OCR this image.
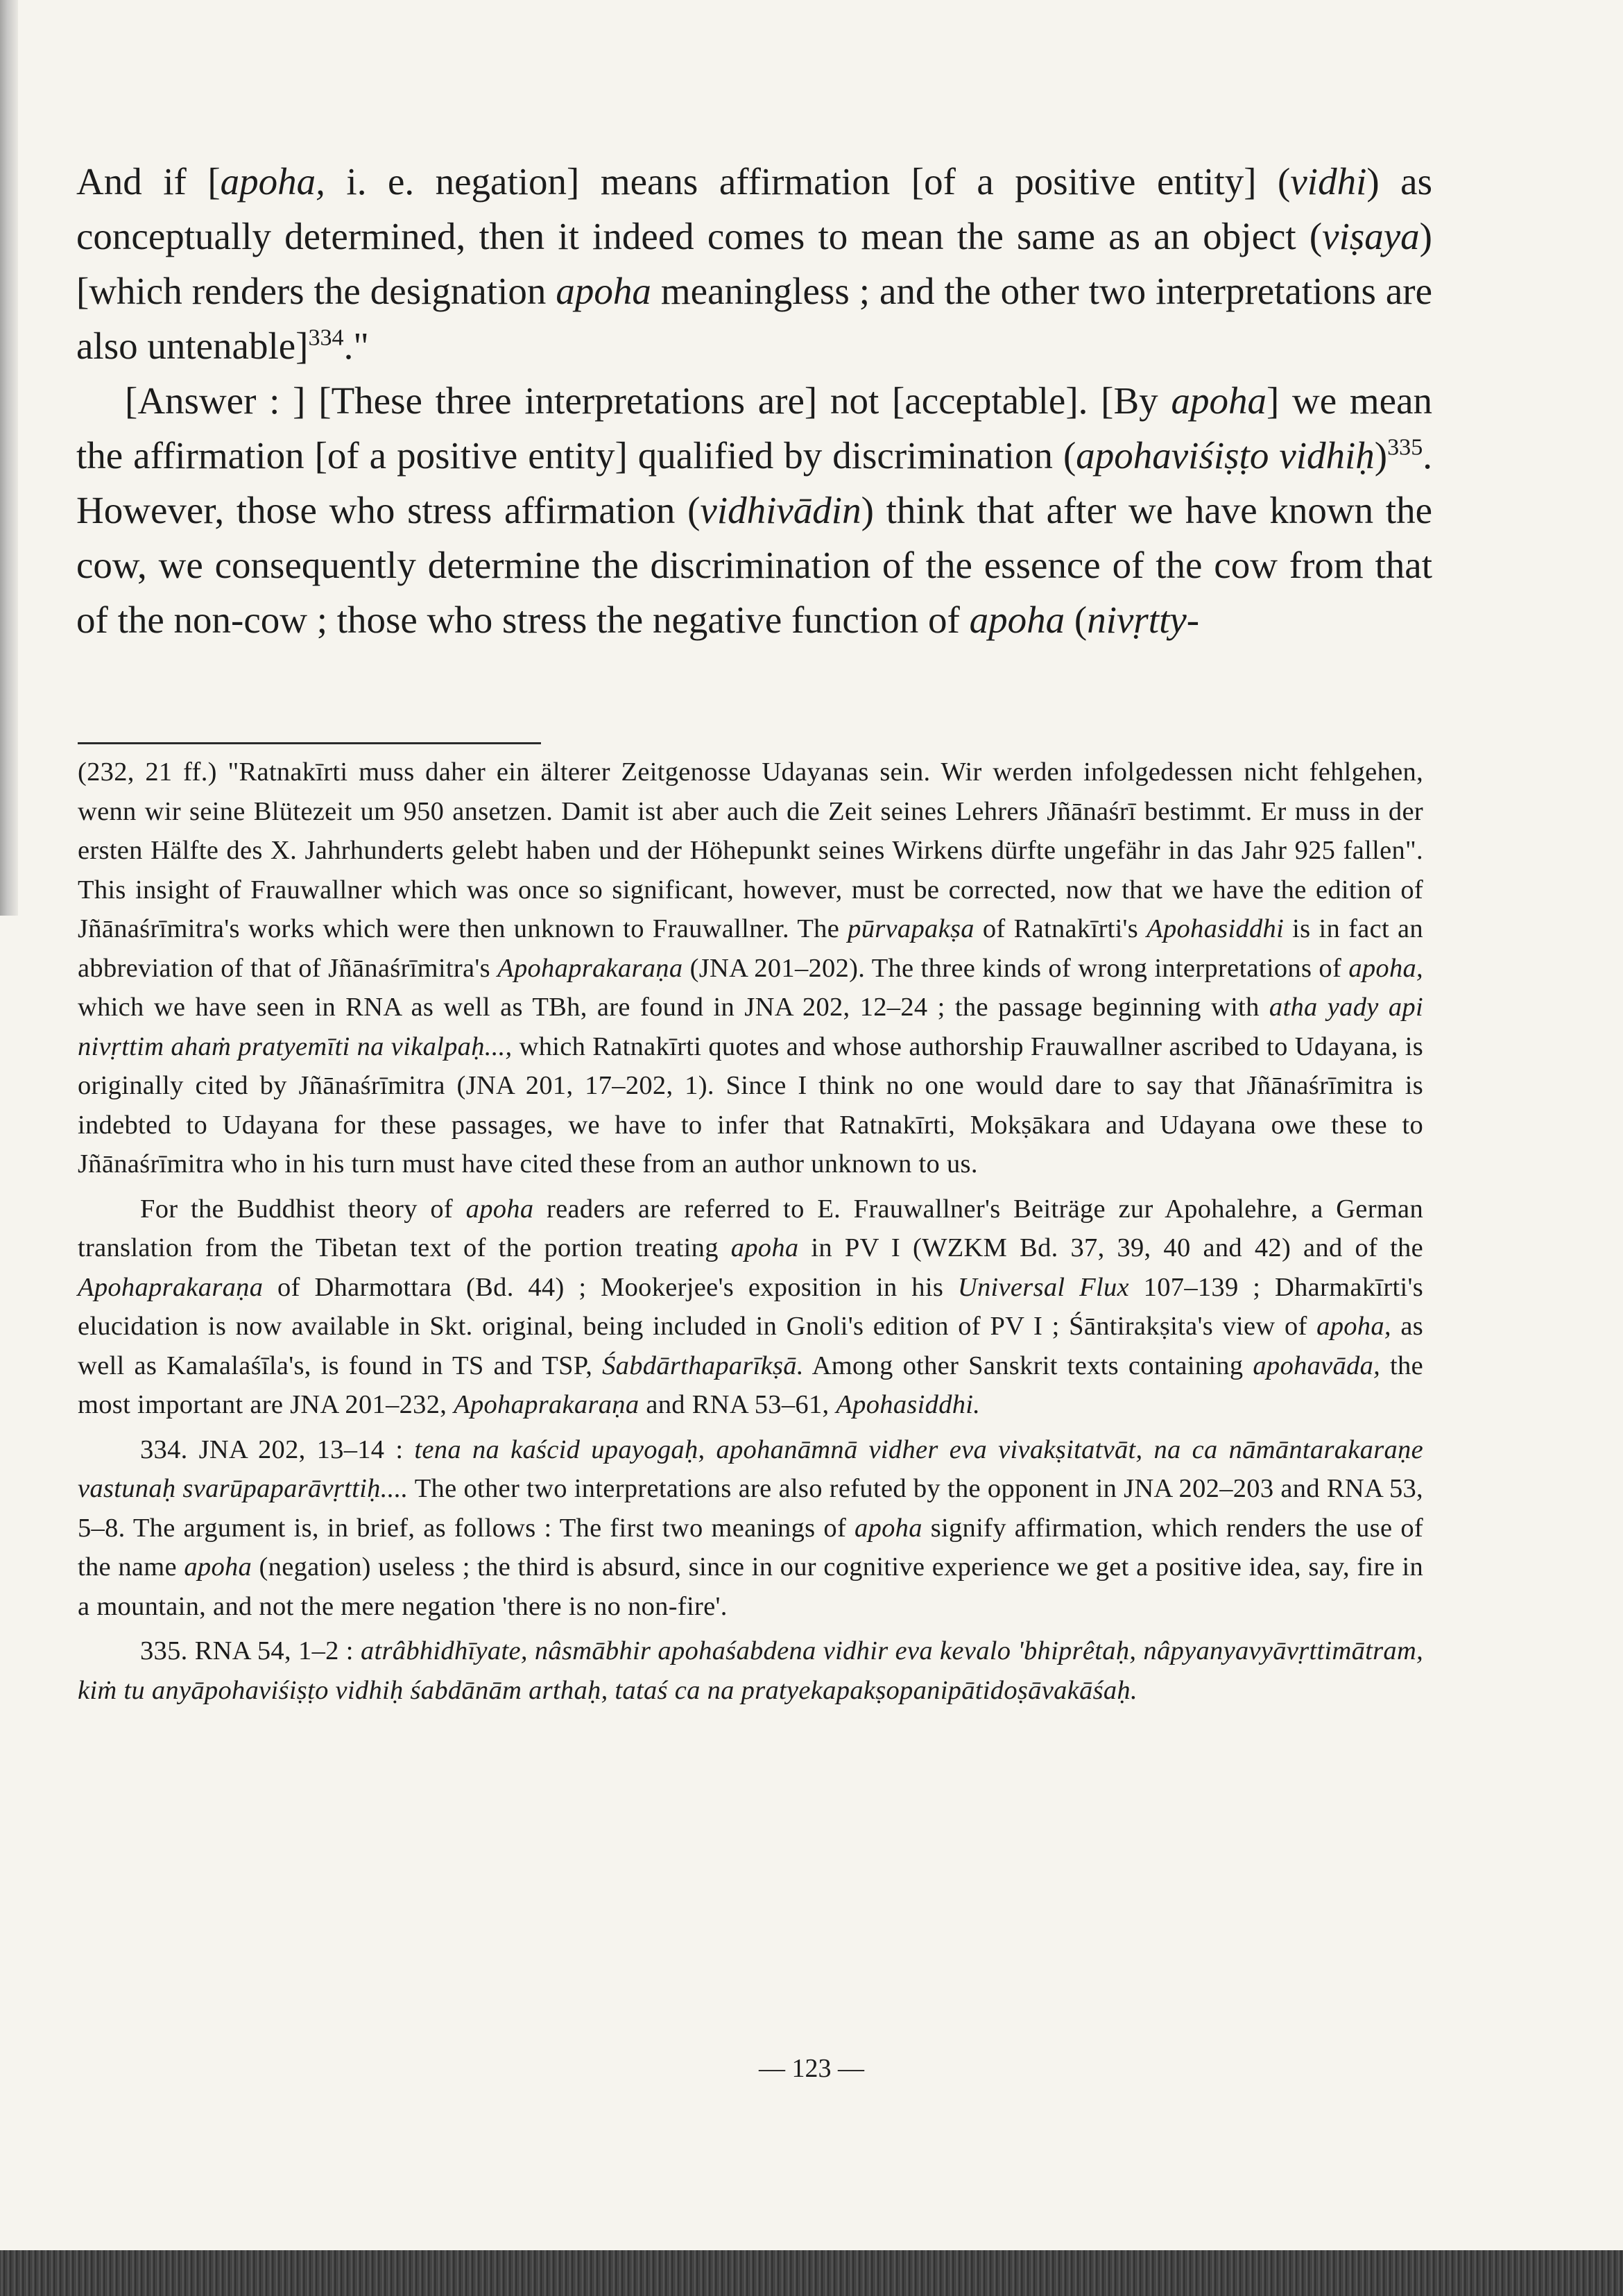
And if [apoha, i. e. negation] means affirmation [of a positive entity] (vidhi) as conceptually determined, then it indeed comes to mean the same as an object (viṣaya) [which renders the designation apoha meaningless ; and the other two interpretations are also untenable]$^{334}$."

[Answer : ] [These three interpretations are] not [acceptable]. [By apoha] we mean the affirmation [of a positive entity] qualified by discrimination (apohaviśiṣṭo vidhiḥ)$^{335}$. However, those who stress affirmation (vidhivādin) think that after we have known the cow, we consequently determine the discrimination of the essence of the cow from that of the non-cow ; those who stress the negative function of apoha (nivṛtty-

(232, 21 ff.) "Ratnakīrti muss daher ein älterer Zeitgenosse Udayanas sein. Wir werden infolgedessen nicht fehlgehen, wenn wir seine Blütezeit um 950 ansetzen. Damit ist aber auch die Zeit seines Lehrers Jñānaśrī bestimmt. Er muss in der ersten Hälfte des X. Jahrhunderts gelebt haben und der Höhepunkt seines Wirkens dürfte ungefähr in das Jahr 925 fallen". This insight of Frauwallner which was once so significant, however, must be corrected, now that we have the edition of Jñānaśrīmitra's works which were then unknown to Frauwallner. The pūrvapakṣa of Ratnakīrti's Apohasiddhi is in fact an abbreviation of that of Jñānaśrīmitra's Apohaprakaraṇa (JNA 201–202). The three kinds of wrong interpretations of apoha, which we have seen in RNA as well as TBh, are found in JNA 202, 12–24 ; the passage beginning with atha yady api nivṛttim ahaṁ pratyemīti na vikalpaḥ..., which Ratnakīrti quotes and whose authorship Frauwallner ascribed to Udayana, is originally cited by Jñānaśrīmitra (JNA 201, 17–202, 1). Since I think no one would dare to say that Jñānaśrīmitra is indebted to Udayana for these passages, we have to infer that Ratnakīrti, Mokṣākara and Udayana owe these to Jñānaśrīmitra who in his turn must have cited these from an author unknown to us.

For the Buddhist theory of apoha readers are referred to E. Frauwallner's Beiträge zur Apohalehre, a German translation from the Tibetan text of the portion treating apoha in PV I (WZKM Bd. 37, 39, 40 and 42) and of the Apohaprakaraṇa of Dharmottara (Bd. 44) ; Mookerjee's exposition in his Universal Flux 107–139 ; Dharmakīrti's elucidation is now available in Skt. original, being included in Gnoli's edition of PV I ; Śāntirakṣita's view of apoha, as well as Kamalaśīla's, is found in TS and TSP, Śabdārthaparīkṣā. Among other Sanskrit texts containing apohavāda, the most important are JNA 201–232, Apohaprakaraṇa and RNA 53–61, Apohasiddhi.

334. JNA 202, 13–14 : tena na kaścid upayogaḥ, apohanāmnā vidher eva vivakṣitatvāt, na ca nāmāntarakaraṇe vastunaḥ svarūpaparāvṛttiḥ.... The other two interpretations are also refuted by the opponent in JNA 202–203 and RNA 53, 5–8. The argument is, in brief, as follows : The first two meanings of apoha signify affirmation, which renders the use of the name apoha (negation) useless ; the third is absurd, since in our cognitive experience we get a positive idea, say, fire in a mountain, and not the mere negation 'there is no non-fire'.

335. RNA 54, 1–2 : atrâbhidhīyate, nâsmābhir apohaśabdena vidhir eva kevalo 'bhiprêtaḥ, nâpyanyavyāvṛttimātram, kiṁ tu anyāpohaviśiṣṭo vidhiḥ śabdānām arthaḥ, tataś ca na pratyekapakṣopanipātidoṣāvakāśaḥ.

— 123 —
